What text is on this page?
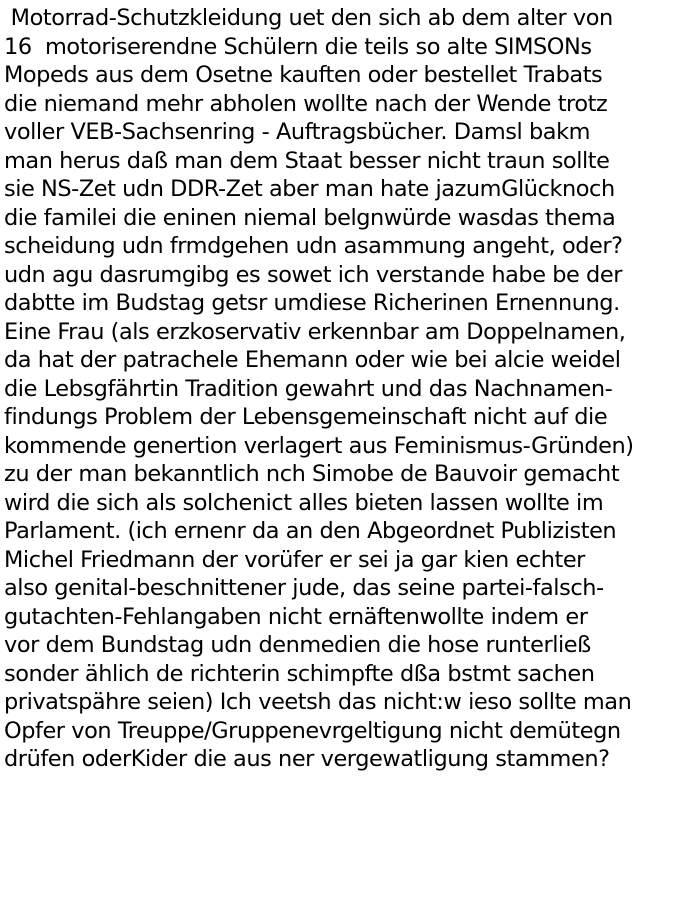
Motorrad-Schutzkleidung uet den sich ab dem alter von
16  motoriserendne Schülern die teils so alte SIMSONs
Mopeds aus dem Osetne kauften oder bestellet Trabats
die niemand mehr abholen wollte nach der Wende trotz
voller VEB-Sachsenring - Auftragsbücher. Damsl bakm
man herus daß man dem Staat besser nicht traun sollte
sie NS-Zet udn DDR-Zet aber man hate jazumGlücknoch
die familei die eninen niemal belgnwürde wasdas thema
scheidung udn frmdgehen udn asammung angeht, oder?
udn agu dasrumgibg es sowet ich verstande habe be der
dabtte im Budstag getsr umdiese Richerinen Ernennung.
Eine Frau (als erzkoservativ erkennbar am Doppelnamen,
da hat der patrachele Ehemann oder wie bei alcie weidel
die Lebsgfährtin Tradition gewahrt und das Nachnamen-
findungs Problem der Lebensgemeinschaft nicht auf die
kommende genertion verlagert aus Feminismus-Gründen)
zu der man bekanntlich nch Simobe de Bauvoir gemacht
wird die sich als solchenict alles bieten lassen wollte im
Parlament. (ich ernenr da an den Abgeordnet Publizisten
Michel Friedmann der vorüfer er sei ja gar kien echter
also genital-beschnittener jude, das seine partei-falsch-
gutachten-Fehlangaben nicht ernäftenwollte indem er
vor dem Bundstag udn denmedien die hose runterließ
sonder ählich de richterin schimpfte dßa bstmt sachen
privatspähre seien) Ich veetsh das nicht:w ieso sollte man
Opfer von Treuppe/Gruppenevrgeltigung nicht demütegn
drüfen oderKider die aus ner vergewatligung stammen?
